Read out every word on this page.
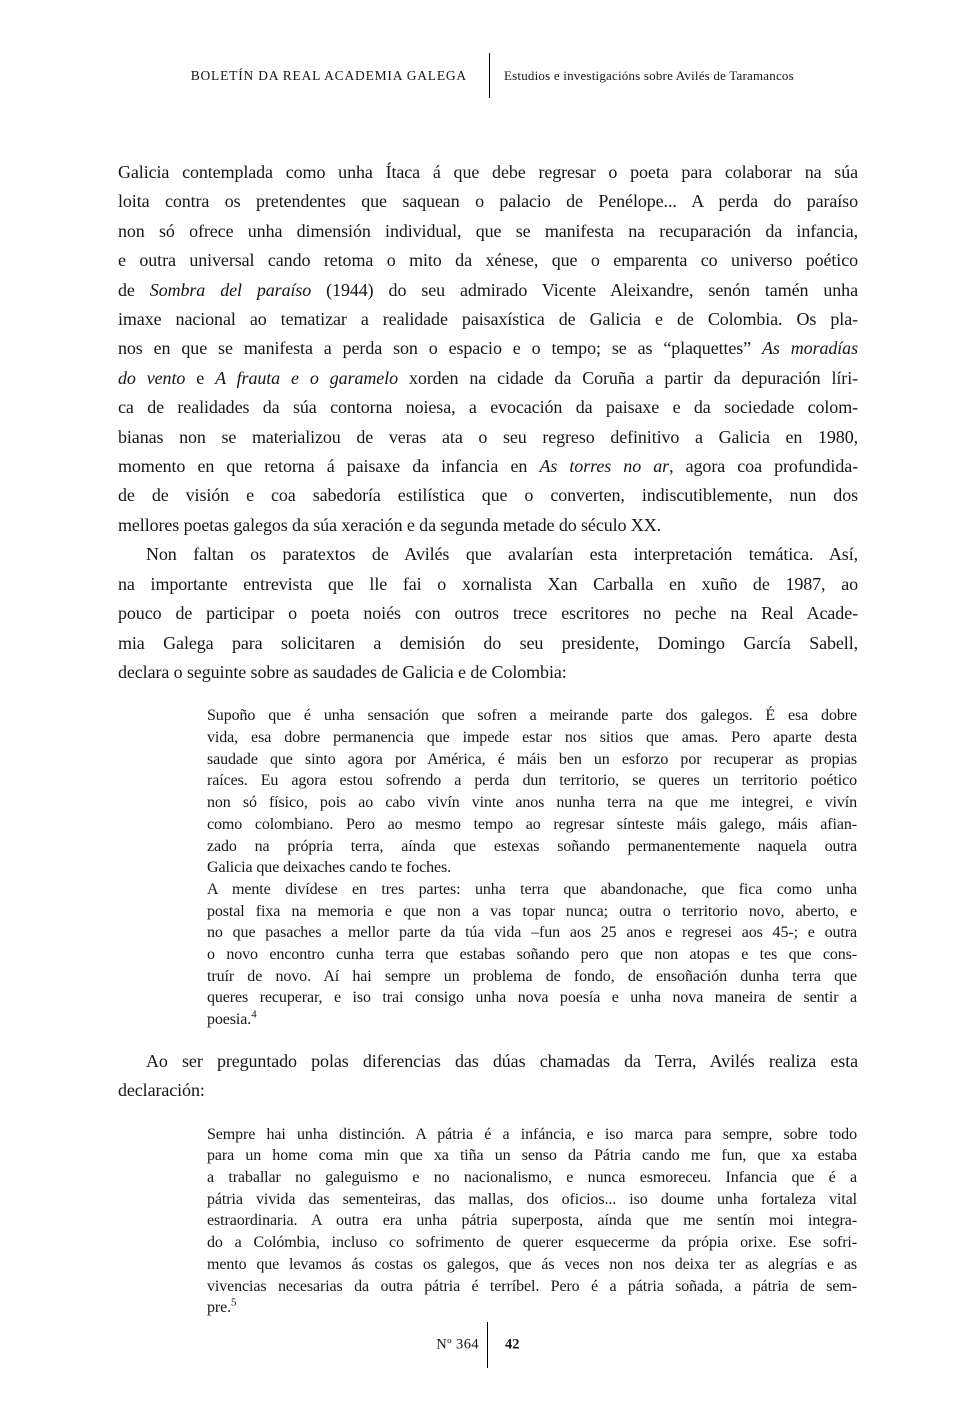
BOLETÍN DA REAL ACADEMIA GALEGA	Estudios e investigacións sobre Avilés de Taramancos
Galicia contemplada como unha Ítaca á que debe regresar o poeta para colaborar na súa
loita contra os pretendentes que saquean o palacio de Penélope... A perda do paraíso
non só ofrece unha dimensión individual, que se manifesta na recuparación da infancia,
e outra universal cando retoma o mito da xénese, que o emparenta co universo poético
de Sombra del paraíso (1944) do seu admirado Vicente Aleixandre, senón tamén unha
imaxe nacional ao tematizar a realidade paisaxística de Galicia e de Colombia. Os pla-
nos en que se manifesta a perda son o espacio e o tempo; se as “plaquettes” As moradías
do vento e A frauta e o garamelo xorden na cidade da Coruña a partir da depuración líri-
ca de realidades da súa contorna noiesa, a evocación da paisaxe e da sociedade colom-
bianas non se materializou de veras ata o seu regreso definitivo a Galicia en 1980,
momento en que retorna á paisaxe da infancia en As torres no ar, agora coa profundida-
de de visión e coa sabedoría estilística que o converten, indiscutiblemente, nun dos
mellores poetas galegos da súa xeración e da segunda metade do século XX.
Non faltan os paratextos de Avilés que avalarían esta interpretación temática. Así,
na importante entrevista que lle fai o xornalista Xan Carballa en xuño de 1987, ao
pouco de participar o poeta noiés con outros trece escritores no peche na Real Acade-
mia Galega para solicitaren a demisión do seu presidente, Domingo García Sabell,
declara o seguinte sobre as saudades de Galicia e de Colombia:
Supoño que é unha sensación que sofren a meirande parte dos galegos. É esa dobre
vida, esa dobre permanencia que impede estar nos sitios que amas. Pero aparte desta
saudade que sinto agora por América, é máis ben un esforzo por recuperar as propias
raíces. Eu agora estou sofrendo a perda dun territorio, se queres un territorio poético
non só físico, pois ao cabo vivín vinte anos nunha terra na que me integrei, e vivín
como colombiano. Pero ao mesmo tempo ao regresar sínteste máis galego, máis afian-
zado na própria terra, aínda que estexas soñando permanentemente naquela outra
Galicia que deixaches cando te foches.
A mente divídese en tres partes: unha terra que abandonache, que fica como unha
postal fixa na memoria e que non a vas topar nunca; outra o territorio novo, aberto, e
no que pasaches a mellor parte da túa vida –fun aos 25 anos e regresei aos 45-; e outra
o novo encontro cunha terra que estabas soñando pero que non atopas e tes que cons-
truír de novo. Aí hai sempre un problema de fondo, de ensoñación dunha terra que
queres recuperar, e iso trai consigo unha nova poesía e unha nova maneira de sentir a
poesia.$^4$
Ao ser preguntado polas diferencias das dúas chamadas da Terra, Avilés realiza esta
declaración:
Sempre hai unha distinción. A pátria é a infáncia, e iso marca para sempre, sobre todo
para un home coma min que xa tiña un senso da Pátria cando me fun, que xa estaba
a traballar no galeguismo e no nacionalismo, e nunca esmoreceu. Infancia que é a
pátria vivida das sementeiras, das mallas, dos oficios... iso doume unha fortaleza vital
estraordinaria. A outra era unha pátria superposta, aínda que me sentín moi integra-
do a Colómbia, incluso co sofrimento de querer esquecerme da própia orixe. Ese sofri-
mento que levamos ás costas os galegos, que ás veces non nos deixa ter as alegrías e as
vivencias necesarias da outra pátria é terríbel. Pero é a pátria soñada, a pátria de sem-
pre.$^5$
Nº 364 42
